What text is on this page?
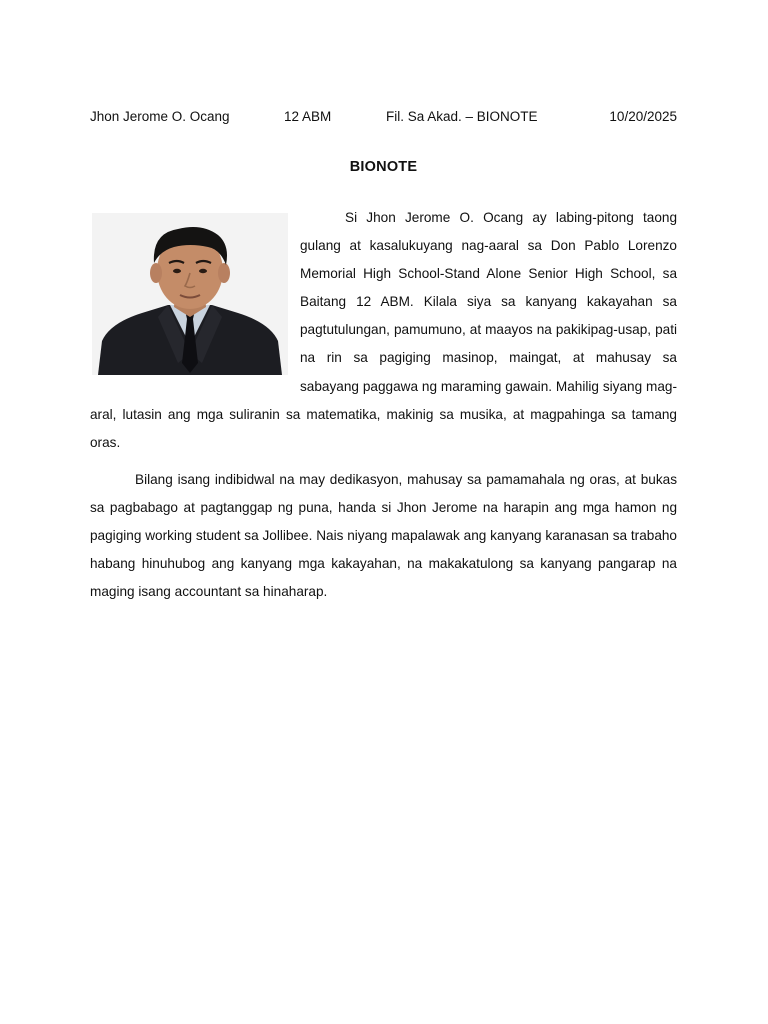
Jhon Jerome O. Ocang	12 ABM	Fil. Sa Akad. – BIONOTE	10/20/2025
BIONOTE

Si Jhon Jerome O. Ocang ay labing-pitong taong gulang at kasalukuyang nag-aaral sa Don Pablo Lorenzo Memorial High School-Stand Alone Senior High School, sa Baitang 12 ABM. Kilala siya sa kanyang kakayahan sa pagtutulungan, pamumuno, at maayos na pakikipag-usap, pati na rin sa pagiging masinop, maingat, at mahusay sa sabayang paggawa ng maraming gawain. Mahilig siyang mag-aral, lutasin ang mga suliranin sa matematika, makinig sa musika, at magpahinga sa tamang oras.

Bilang isang indibidwal na may dedikasyon, mahusay sa pamamahala ng oras, at bukas sa pagbabago at pagtanggap ng puna, handa si Jhon Jerome na harapin ang mga hamon ng pagiging working student sa Jollibee. Nais niyang mapalawak ang kanyang karanasan sa trabaho habang hinuhubog ang kanyang mga kakayahan, na makakatulong sa kanyang pangarap na maging isang accountant sa hinaharap.
